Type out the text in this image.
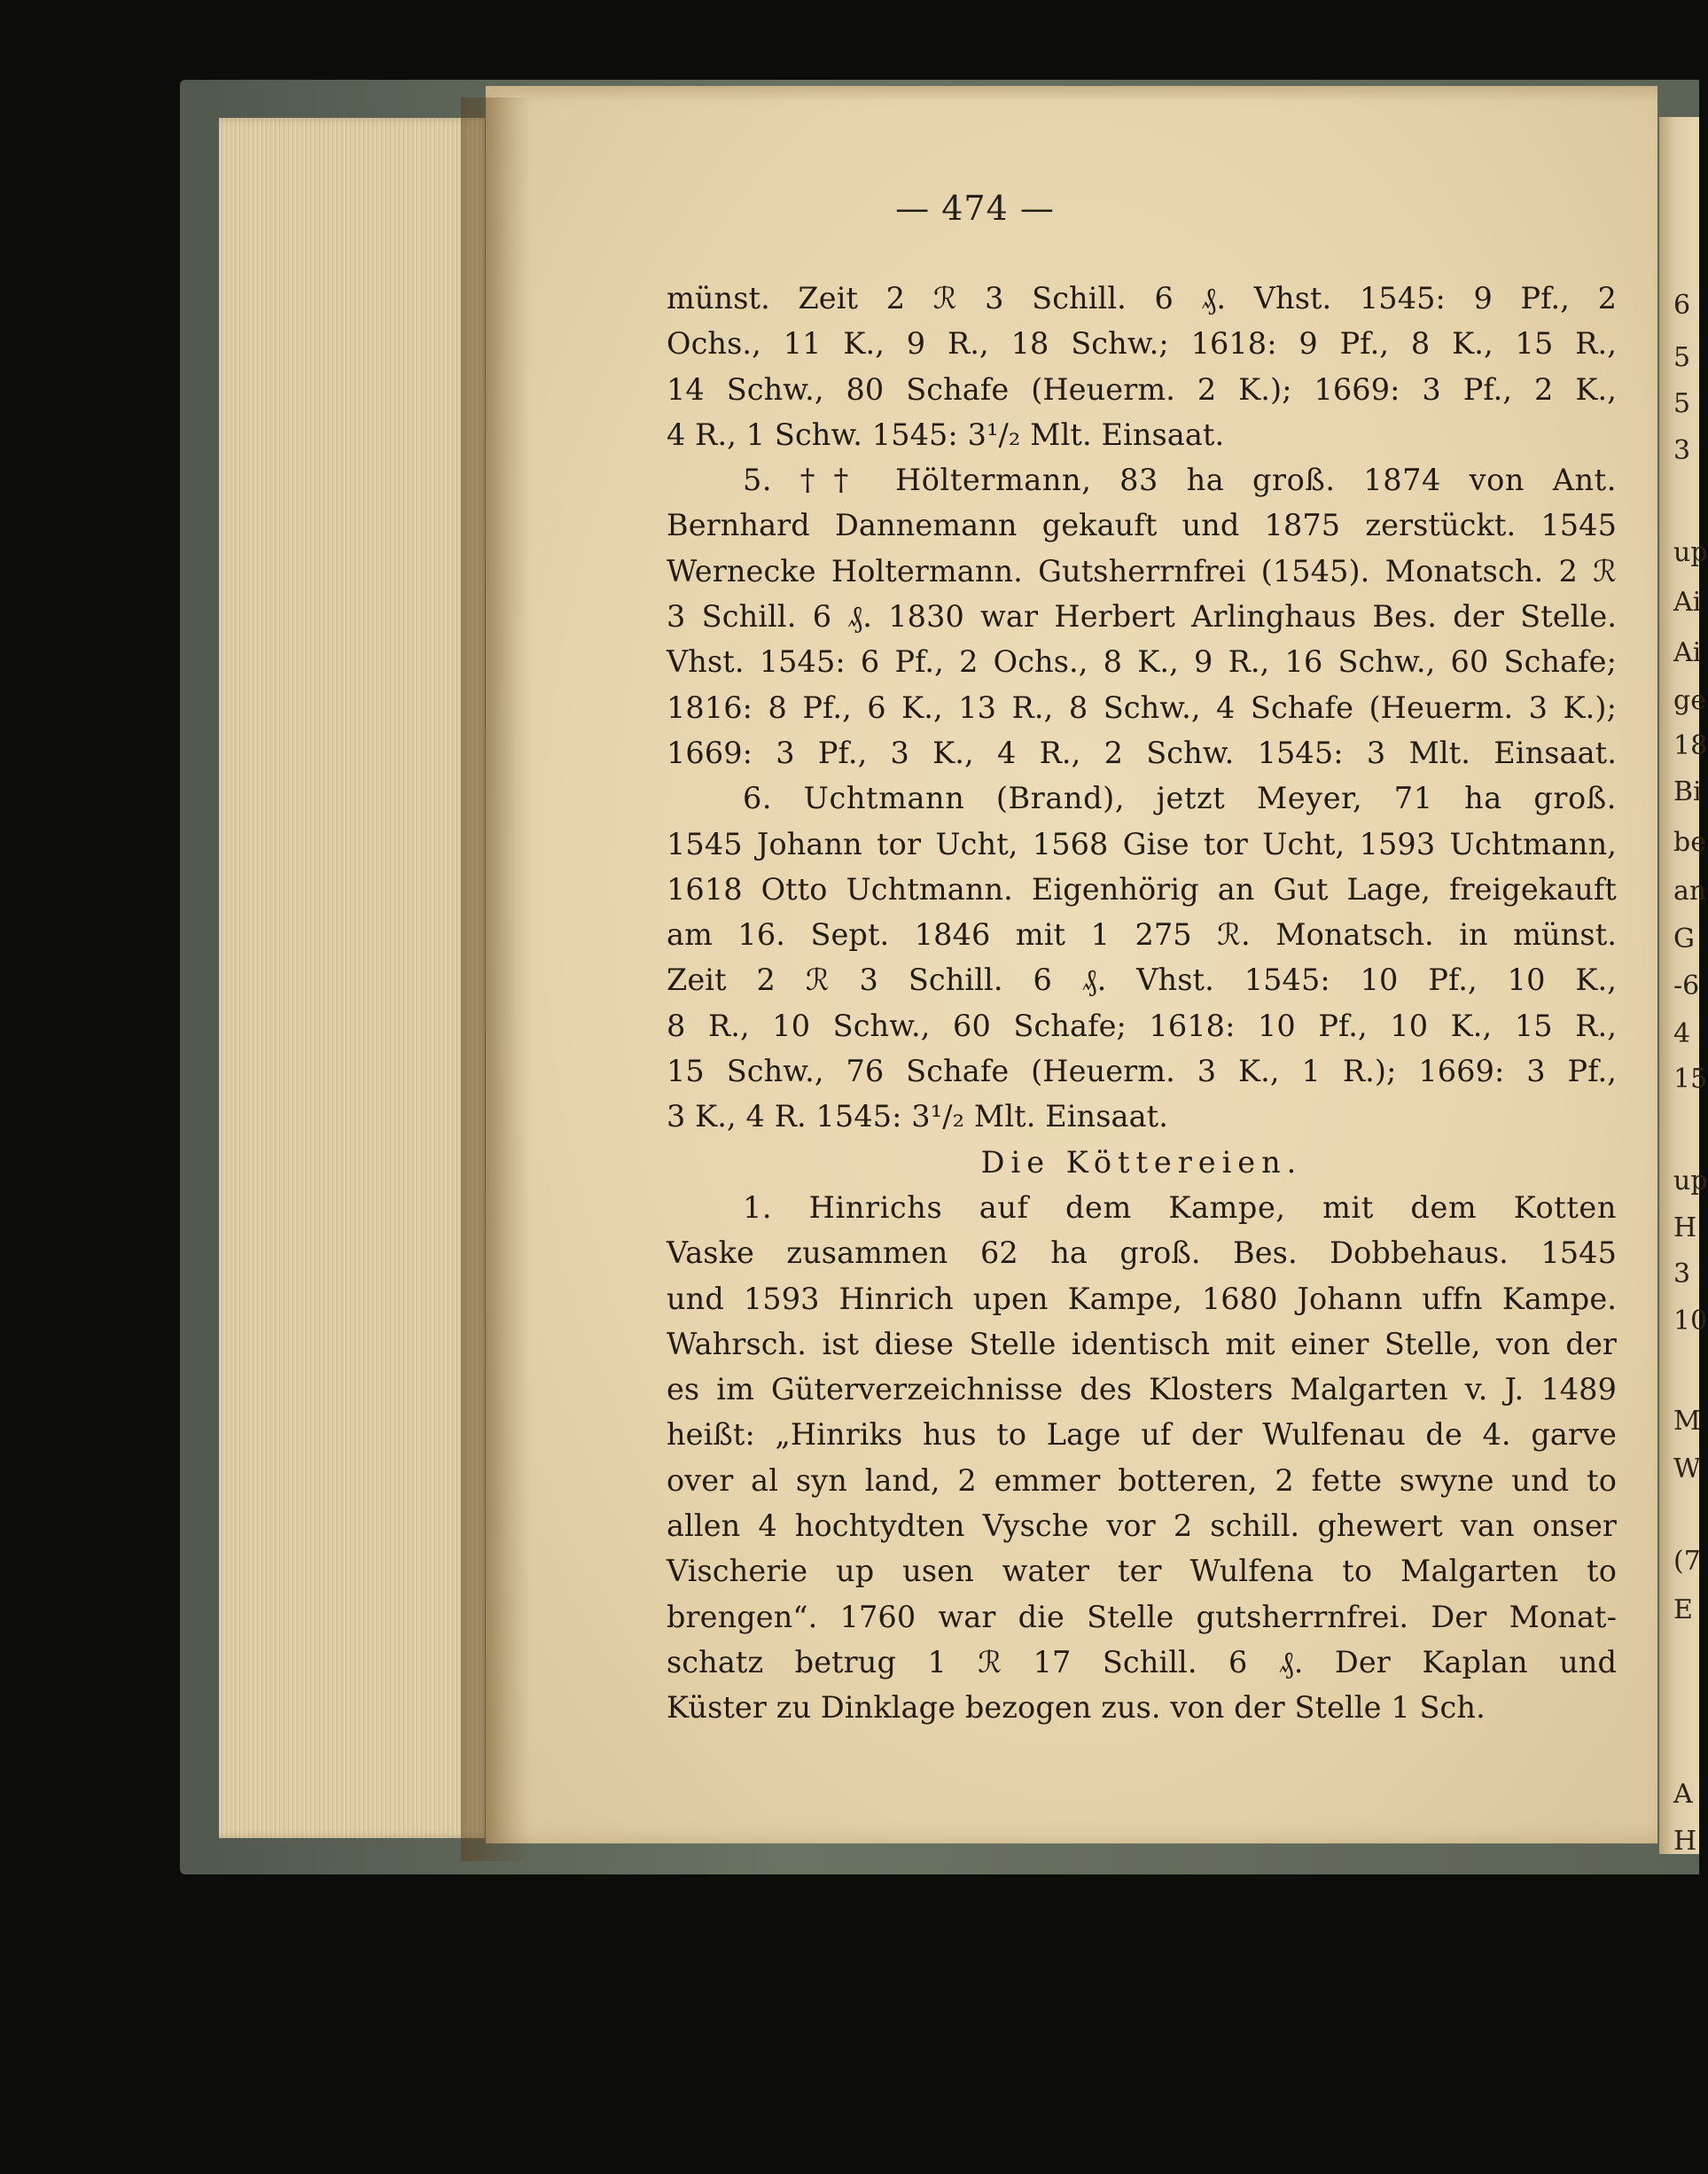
— 474 —
münst. Zeit 2 ℛ 3 Schill. 6 ₰. Vhst. 1545: 9 Pf., 2
Ochs., 11 K., 9 R., 18 Schw.; 1618: 9 Pf., 8 K., 15 R.,
14 Schw., 80 Schafe (Heuerm. 2 K.); 1669: 3 Pf., 2 K.,
4 R., 1 Schw. 1545: 3¹/₂ Mlt. Einsaat.
5. †† Höltermann, 83 ha groß. 1874 von Ant.
Bernhard Dannemann gekauft und 1875 zerstückt. 1545
Wernecke Holtermann. Gutsherrnfrei (1545). Monatsch. 2 ℛ
3 Schill. 6 ₰. 1830 war Herbert Arlinghaus Bes. der Stelle.
Vhst. 1545: 6 Pf., 2 Ochs., 8 K., 9 R., 16 Schw., 60 Schafe;
1816: 8 Pf., 6 K., 13 R., 8 Schw., 4 Schafe (Heuerm. 3 K.);
1669: 3 Pf., 3 K., 4 R., 2 Schw. 1545: 3 Mlt. Einsaat.
6. Uchtmann (Brand), jetzt Meyer, 71 ha groß.
1545 Johann tor Ucht, 1568 Gise tor Ucht, 1593 Uchtmann,
1618 Otto Uchtmann. Eigenhörig an Gut Lage, freigekauft
am 16. Sept. 1846 mit 1 275 ℛ. Monatsch. in münst.
Zeit 2 ℛ 3 Schill. 6 ₰. Vhst. 1545: 10 Pf., 10 K.,
8 R., 10 Schw., 60 Schafe; 1618: 10 Pf., 10 K., 15 R.,
15 Schw., 76 Schafe (Heuerm. 3 K., 1 R.); 1669: 3 Pf.,
3 K., 4 R. 1545: 3¹/₂ Mlt. Einsaat.
Die Köttereien.
1. Hinrichs auf dem Kampe, mit dem Kotten
Vaske zusammen 62 ha groß. Bes. Dobbehaus. 1545
und 1593 Hinrich upen Kampe, 1680 Johann uffn Kampe.
Wahrsch. ist diese Stelle identisch mit einer Stelle, von der
es im Güterverzeichnisse des Klosters Malgarten v. J. 1489
heißt: „Hinriks hus to Lage uf der Wulfenau de 4. garve
over al syn land, 2 emmer botteren, 2 fette swyne und to
allen 4 hochtydten Vysche vor 2 schill. ghewert van onser
Vischerie up usen water ter Wulfena to Malgarten to
brengen“. 1760 war die Stelle gutsherrnfrei. Der Monat-
schatz betrug 1 ℛ 17 Schill. 6 ₰. Der Kaplan und
Küster zu Dinklage bezogen zus. von der Stelle 1 Sch.
6
5
5
3
up
Ai
Ai
ge
18
Bi
be
an
G
-6
4
15
up
H
3
10
M
W
(7
E
A
H
